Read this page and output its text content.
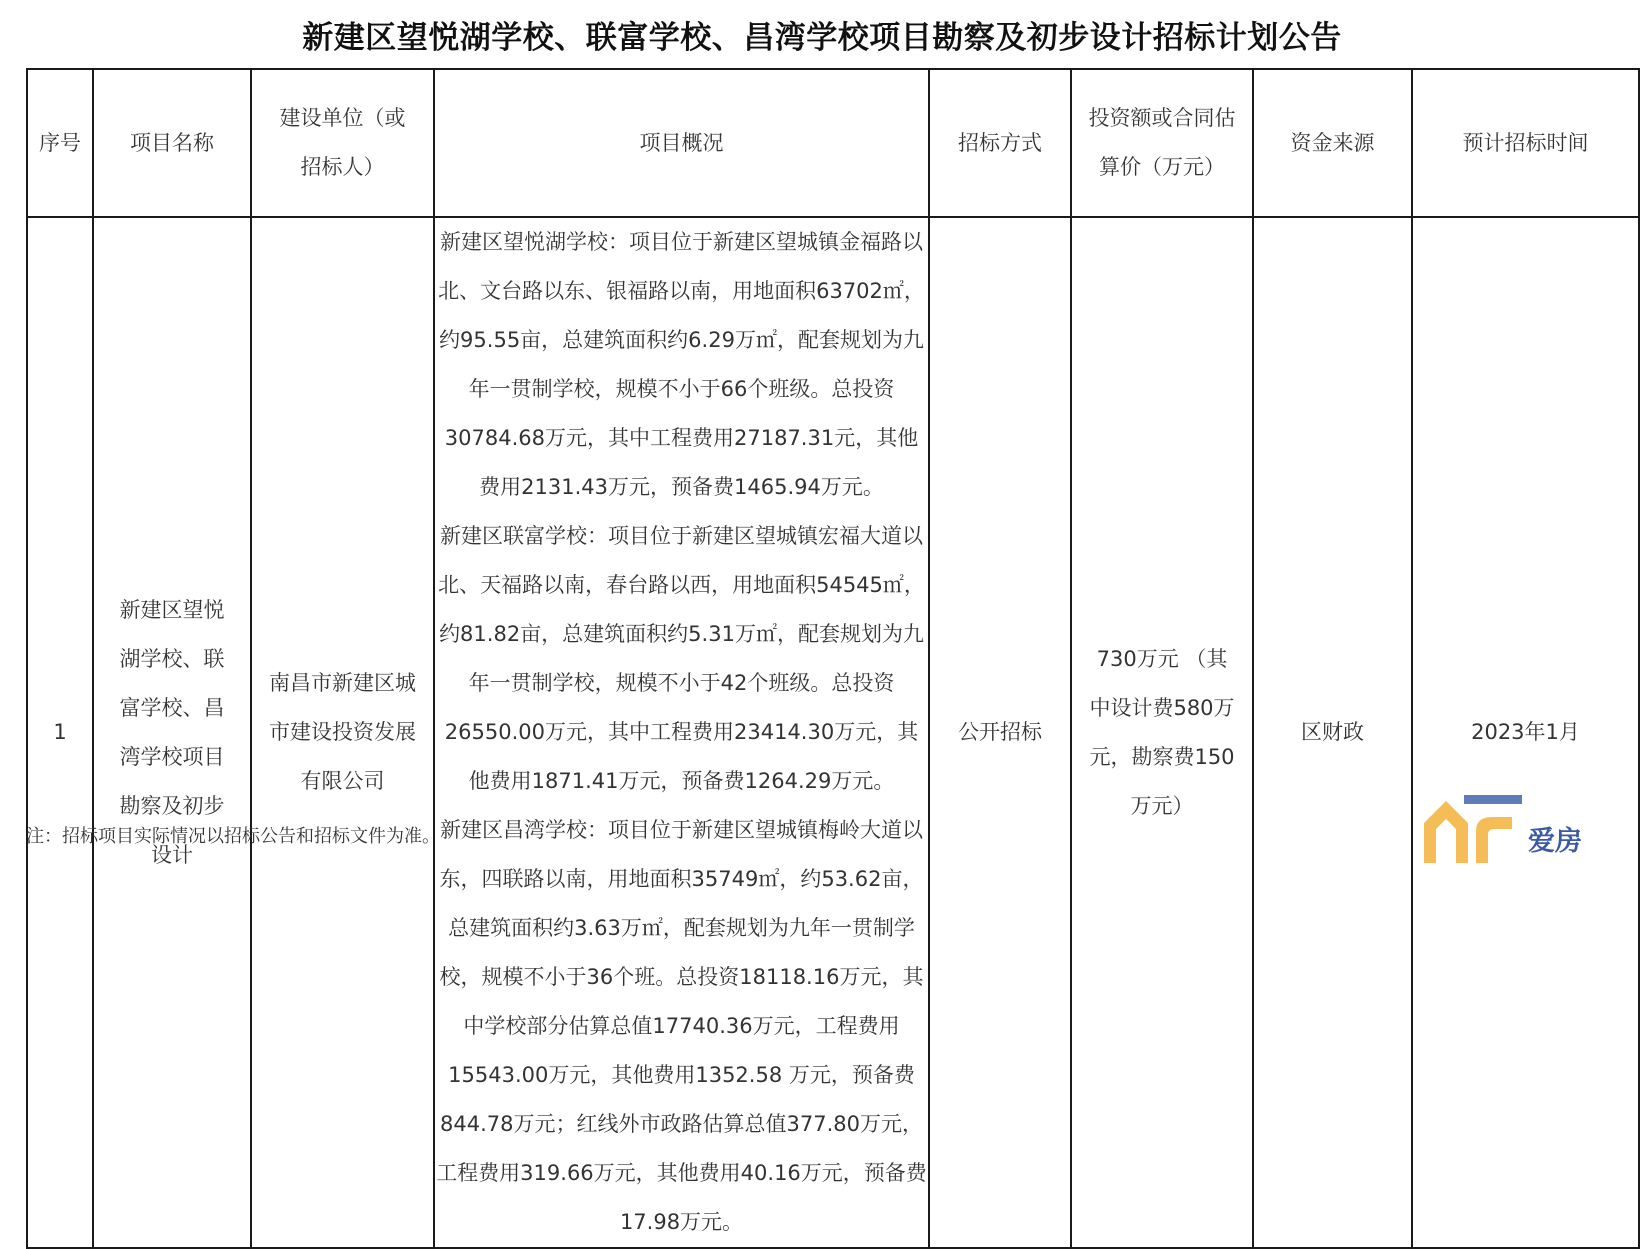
新建区望悦湖学校、联富学校、昌湾学校项目勘察及初步设计招标计划公告
序号	项目名称	建设单位（或招标人）	项目概况	招标方式	投资额或合同估算价（万元）	资金来源	预计招标时间
1	新建区望悦湖学校、联富学校、昌湾学校项目勘察及初步设计	南昌市新建区城市建设投资发展有限公司	新建区望悦湖学校：项目位于新建区望城镇金福路以北、文台路以东、银福路以南，用地面积63702㎡，约95.55亩，总建筑面积约6.29万㎡，配套规划为九年一贯制学校，规模不小于66个班级。总投资30784.68万元，其中工程费用27187.31元，其他费用2131.43万元，预备费1465.94万元。
新建区联富学校：项目位于新建区望城镇宏福大道以北、天福路以南，春台路以西，用地面积54545㎡，约81.82亩，总建筑面积约5.31万㎡，配套规划为九年一贯制学校，规模不小于42个班级。总投资26550.00万元，其中工程费用23414.30万元，其他费用1871.41万元，预备费1264.29万元。
新建区昌湾学校：项目位于新建区望城镇梅岭大道以东，四联路以南，用地面积35749㎡，约53.62亩，总建筑面积约3.63万㎡，配套规划为九年一贯制学校，规模不小于36个班。总投资18118.16万元，其中学校部分估算总值17740.36万元，工程费用15543.00万元，其他费用1352.58 万元，预备费844.78万元；红线外市政路估算总值377.80万元，工程费用319.66万元，其他费用40.16万元，预备费17.98万元。	公开招标	730万元 （其中设计费580万元，勘察费150万元）	区财政	2023年1月
注：招标项目实际情况以招标公告和招标文件为准。	爱房
